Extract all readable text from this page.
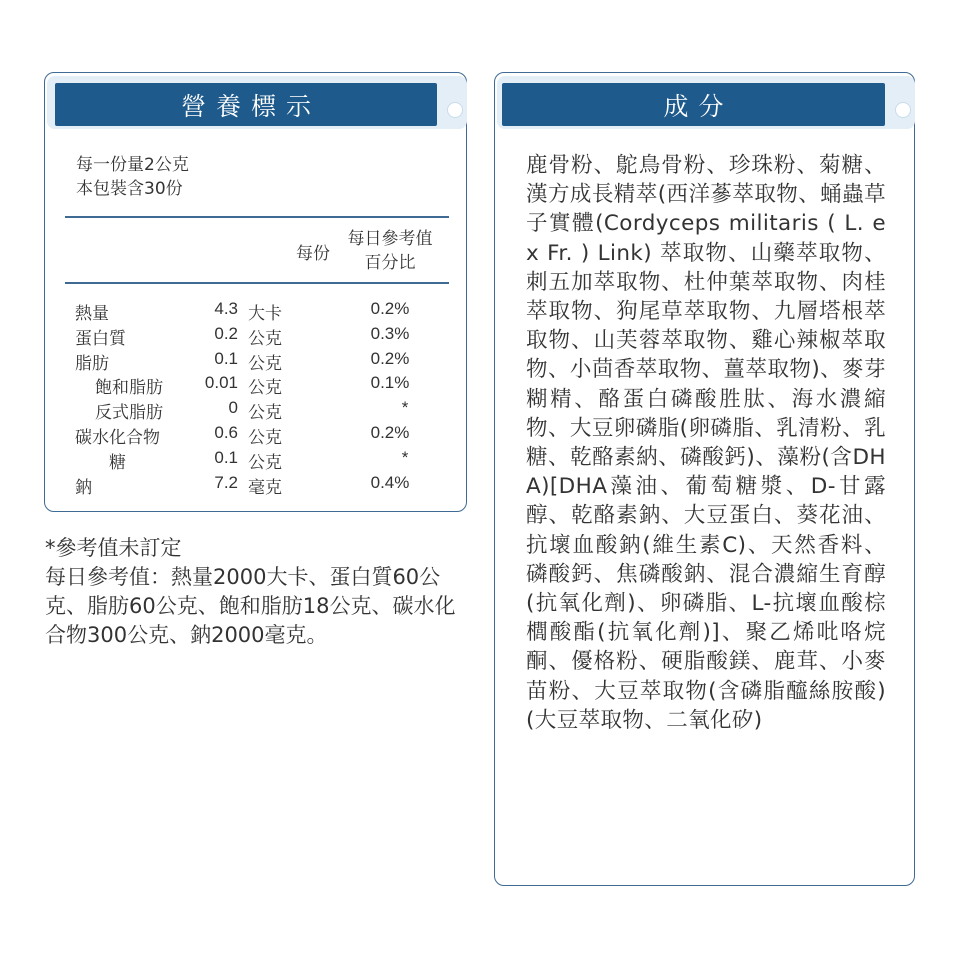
營養標示
每一份量2公克
本包裝含30份
每份
每日參考值
百分比
熱量	4.3 大卡	0.2%
蛋白質	0.2 公克	0.3%
脂肪	0.1 公克	0.2%
飽和脂肪 0.01 公克	0.1%
反式脂肪	0 公克	*
碳水化合物	0.6 公克	0.2%
糖	0.1 公克	*
鈉	7.2 毫克	0.4%
*參考值未訂定
每日參考值：熱量2000大卡、蛋白質60公克、脂肪60公克、飽和脂肪18公克、碳水化合物300公克、鈉2000毫克。
成分
鹿骨粉、鴕鳥骨粉、珍珠粉、菊糖、漢方成長精萃(西洋蔘萃取物、蛹蟲草子實體(Cordyceps militaris ( L. ex Fr. ) Link) 萃取物、山藥萃取物、刺五加萃取物、杜仲葉萃取物、肉桂萃取物、狗尾草萃取物、九層塔根萃取物、山芙蓉萃取物、雞心辣椒萃取物、小茴香萃取物、薑萃取物)、麥芽糊精、酪蛋白磷酸胜肽、海水濃縮物、大豆卵磷脂(卵磷脂、乳清粉、乳糖、乾酪素納、磷酸鈣)、藻粉(含DHA)[DHA藻油、葡萄糖漿、D-甘露醇、乾酪素鈉、大豆蛋白、葵花油、抗壞血酸鈉(維生素C)、天然香料、磷酸鈣、焦磷酸鈉、混合濃縮生育醇(抗氧化劑)、卵磷脂、L-抗壞血酸棕櫚酸酯(抗氧化劑)]、聚乙烯吡咯烷酮、優格粉、硬脂酸鎂、鹿茸、小麥苗粉、大豆萃取物(含磷脂醯絲胺酸)(大豆萃取物、二氧化矽)
